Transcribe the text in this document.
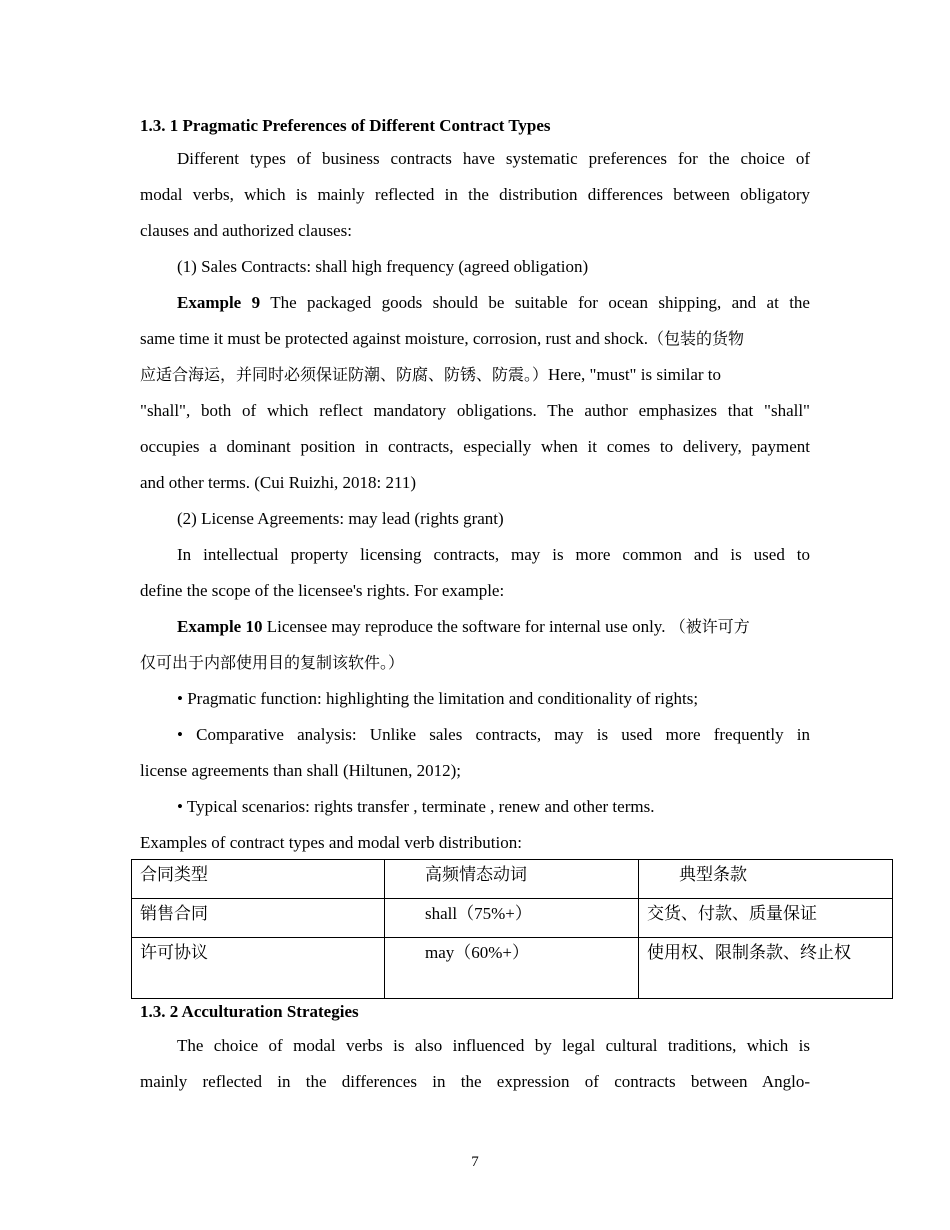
1.3. 1 Pragmatic Preferences of Different Contract Types

Different types of business contracts have systematic preferences for the choice of

modal verbs, which is mainly reflected in the distribution differences between obligatory

clauses and authorized clauses:

(1) Sales Contracts: shall high frequency (agreed obligation)

Example 9 The packaged goods should be suitable for ocean shipping, and at the

same time it must be protected against moisture, corrosion, rust and shock.（包装的货物

应适合海运，并同时必须保证防潮、防腐、防锈、防震。）Here, "must" is similar to

"shall", both of which reflect mandatory obligations. The author emphasizes that "shall"

occupies a dominant position in contracts, especially when it comes to delivery, payment

and other terms. (Cui Ruizhi, 2018: 211)

(2) License Agreements: may lead (rights grant)

In intellectual property licensing contracts, may is more common and is used to

define the scope of the licensee's rights. For example:

Example 10 Licensee may reproduce the software for internal use only. （被许可方

仅可出于内部使用目的复制该软件。）

• Pragmatic function: highlighting the limitation and conditionality of rights;

• Comparative analysis: Unlike sales contracts, may is used more frequently in

license agreements than shall (Hiltunen, 2012);

• Typical scenarios: rights transfer , terminate , renew and other terms.

Examples of contract types and modal verb distribution:

合同类型	高频情态动词	典型条款
销售合同	shall（75%+）	交货、付款、质量保证
许可协议	may（60%+）	使用权、限制条款、终止权
1.3. 2 Acculturation Strategies

The choice of modal verbs is also influenced by legal cultural traditions, which is

mainly reflected in the differences in the expression of contracts between Anglo-

7
